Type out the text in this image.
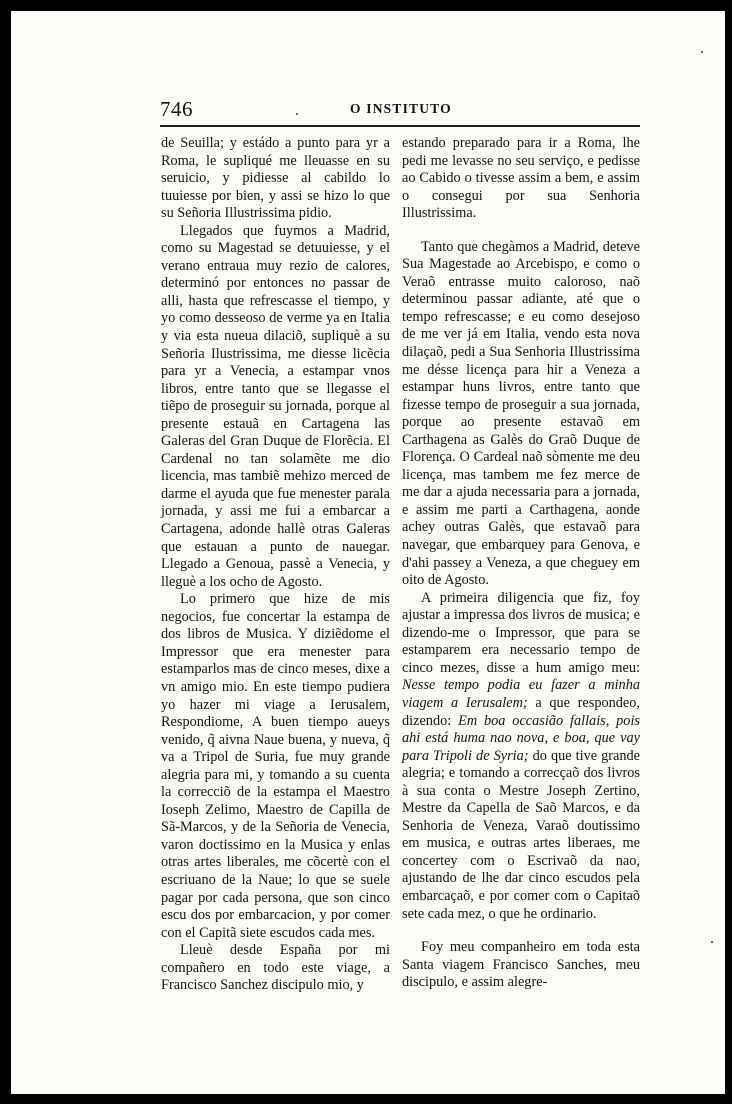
746	O INSTITUTO

de Seuilla; y estádo a punto para yr a Roma, le supliqué me lleuasse en su seruicio, y pidiesse al cabildo lo tuuiesse por bien, y assi se hizo lo que su Señoria Illustrissima pidio.

Llegados que fuymos a Madrid, como su Magestad se detuuiesse, y el verano entraua muy rezio de calores, determinó por entonces no passar de alli, hasta que refrescasse el tiempo, y yo como desseoso de verme ya en Italia y via esta nueua dilaciõ, supliquè a su Señoria Ilustrissima, me diesse licẽcia para yr a Venecia, a estampar vnos libros, entre tanto que se llegasse el tiẽpo de proseguir su jornada, porque al presente estauã en Cartagena las Galeras del Gran Duque de Florẽcia. El Cardenal no tan solamẽte me dio licencia, mas tambiẽ mehizo merced de darme el ayuda que fue menester parala jornada, y assi me fui a embarcar a Cartagena, adonde hallè otras Galeras que estauan a punto de nauegar. Llegado a Genoua, passè a Venecia, y lleguè a los ocho de Agosto.

Lo primero que hize de mis negocios, fue concertar la estampa de dos libros de Musica. Y diziẽdome el Impressor que era menester para estamparlos mas de cinco meses, dixe a vn amigo mio. En este tiempo pudiera yo hazer mi viage a Ierusalem, Respondiome, A buen tiempo aueys venido, q̃ aivna Naue buena, y nueva, q̃ va a Tripol de Suria, fue muy grande alegria para mi, y tomando a su cuenta la correcciõ de la estampa el Maestro Ioseph Zelimo, Maestro de Capilla de Sã-Marcos, y de la Señoria de Venecia, varon doctissimo en la Musica y enlas otras artes liberales, me cõcertè con el escriuano de la Naue; lo que se suele pagar por cada persona, que son cinco escu dos por embarcacion, y por comer con el Capitã siete escudos cada mes.

Lleuè desde España por mi compañero en todo este viage, a Francisco Sanchez discipulo mio, y

estando preparado para ir a Roma, lhe pedi me levasse no seu serviço, e pedisse ao Cabido o tivesse assim a bem, e assim o consegui por sua Senhoria Illustrissima.

Tanto que chegàmos a Madrid, deteve Sua Magestade ao Arcebispo, e como o Veraõ entrasse muito caloroso, naõ determinou passar adiante, até que o tempo refrescasse; e eu como desejoso de me ver já em Italia, vendo esta nova dilaçaõ, pedi a Sua Senhoria Illustrissima me désse licença para hir a Veneza a estampar huns livros, entre tanto que fizesse tempo de proseguir a sua jornada, porque ao presente estavaõ em Carthagena as Galès do Graõ Duque de Florença. O Cardeal naõ sòmente me deu licença, mas tambem me fez merce de me dar a ajuda necessaria para a jornada, e assim me parti a Carthagena, aonde achey outras Galès, que estavaõ para navegar, que embarquey para Genova, e d'ahi passey a Veneza, a que cheguey em oito de Agosto.

A primeira diligencia que fiz, foy ajustar a impressa dos livros de musica; e dizendo-me o Impressor, que para se estamparem era necessario tempo de cinco mezes, disse a hum amigo meu: Nesse tempo podia eu fazer a minha viagem a Ierusalem; a que respondeo, dizendo: Em boa occasião fallais, pois ahi está huma nao nova, e boa, que vay para Tripoli de Syria; do que tive grande alegria; e tomando a correcçaõ dos livros à sua conta o Mestre Joseph Zertino, Mestre da Capella de Saõ Marcos, e da Senhoria de Veneza, Varaõ doutissimo em musica, e outras artes liberaes, me concertey com o Escrivaõ da nao, ajustando de lhe dar cinco escudos pela embarcaçaõ, e por comer com o Capitaõ sete cada mez, o que he ordinario.

Foy meu companheiro em toda esta Santa viagem Francisco Sanches, meu discipulo, e assim alegre-
